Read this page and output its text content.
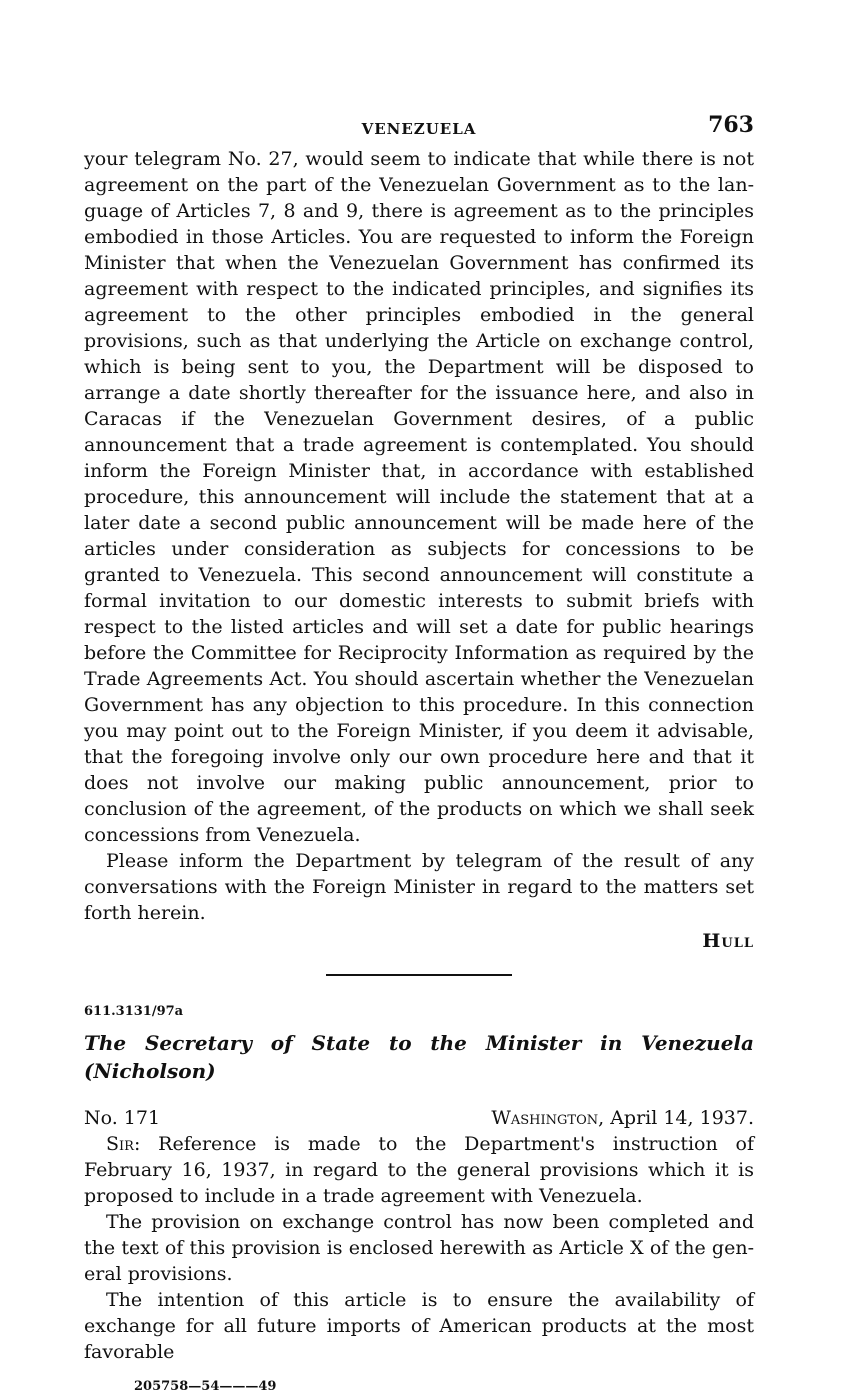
VENEZUELA	763

your telegram No. 27, would seem to indicate that while there is not agreement on the part of the Venezuelan Government as to the language of Articles 7, 8 and 9, there is agreement as to the principles embodied in those Articles. You are requested to inform the Foreign Minister that when the Venezuelan Government has confirmed its agreement with respect to the indicated principles, and signifies its agreement to the other principles embodied in the general provisions, such as that underlying the Article on exchange control, which is being sent to you, the Department will be disposed to arrange a date shortly thereafter for the issuance here, and also in Caracas if the Venezuelan Government desires, of a public announcement that a trade agreement is contemplated. You should inform the Foreign Minister that, in accordance with established procedure, this announcement will include the statement that at a later date a second public announcement will be made here of the articles under consideration as subjects for concessions to be granted to Venezuela. This second announcement will constitute a formal invitation to our domestic interests to submit briefs with respect to the listed articles and will set a date for public hearings before the Committee for Reciprocity Information as required by the Trade Agreements Act. You should ascertain whether the Venezuelan Government has any objection to this procedure. In this connection you may point out to the Foreign Minister, if you deem it advisable, that the foregoing involve only our own procedure here and that it does not involve our making public announcement, prior to conclusion of the agreement, of the products on which we shall seek concessions from Venezuela.

Please inform the Department by telegram of the result of any conversations with the Foreign Minister in regard to the matters set forth herein.

Hull
611.3131/97a
The Secretary of State to the Minister in Venezuela (Nicholson)
No. 171	Washington, April 14, 1937.

Sir: Reference is made to the Department's instruction of February 16, 1937, in regard to the general provisions which it is proposed to include in a trade agreement with Venezuela.

The provision on exchange control has now been completed and the text of this provision is enclosed herewith as Article X of the general provisions.

The intention of this article is to ensure the availability of exchange for all future imports of American products at the most favorable

205758—54———49
